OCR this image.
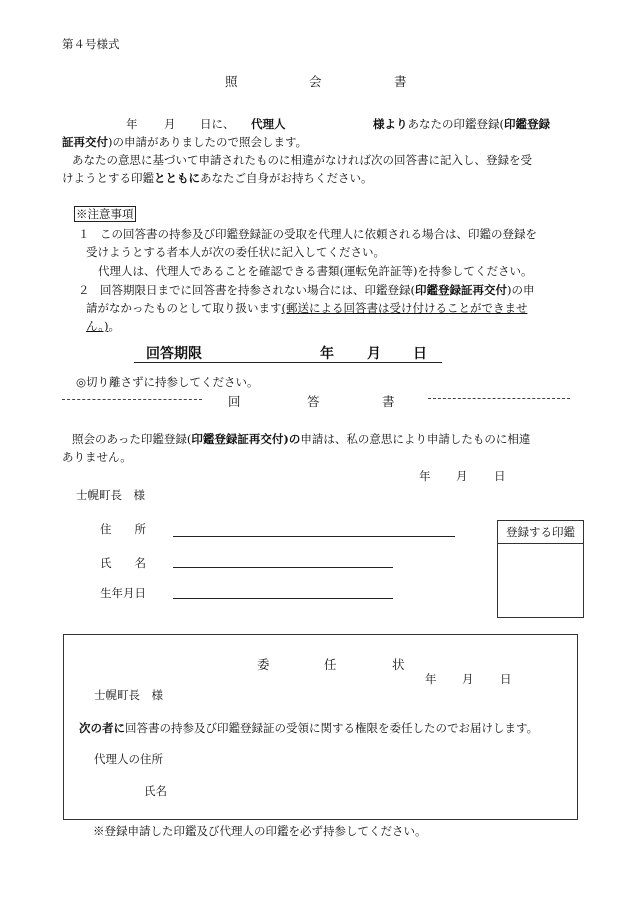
第４号様式
照	会	書
年 月 日に、 代理人	様よりあなたの印鑑登録(印鑑登録
証再交付)の申請がありましたので照会します。
あなたの意思に基づいて申請されたものに相違がなければ次の回答書に記入し、登録を受
けようとする印鑑とともにあなたご自身がお持ちください。
※注意事項
１ この回答書の持参及び印鑑登録証の受取を代理人に依頼される場合は、印鑑の登録を
受けようとする者本人が次の委任状に記入してください。
代理人は、代理人であることを確認できる書類(運転免許証等)を持参してください。
２ 回答期限日までに回答書を持参されない場合には、印鑑登録(印鑑登録証再交付)の申
請がなかったものとして取り扱います(郵送による回答書は受け付けることができませ
ん。)。
回答期限	年 月 日
◎切り離さずに持参してください。
回	答	書
照会のあった印鑑登録(印鑑登録証再交付)の申請は、私の意思により申請したものに相違
ありません。
年 月 日
士幌町長　様
住　　所
氏　　名
生年月日
登録する印鑑
委	任	状
年 月 日
士幌町長　様
次の者に回答書の持参及び印鑑登録証の受領に関する権限を委任したのでお届けします。
代理人の住所
氏名
※登録申請した印鑑及び代理人の印鑑を必ず持参してください。
